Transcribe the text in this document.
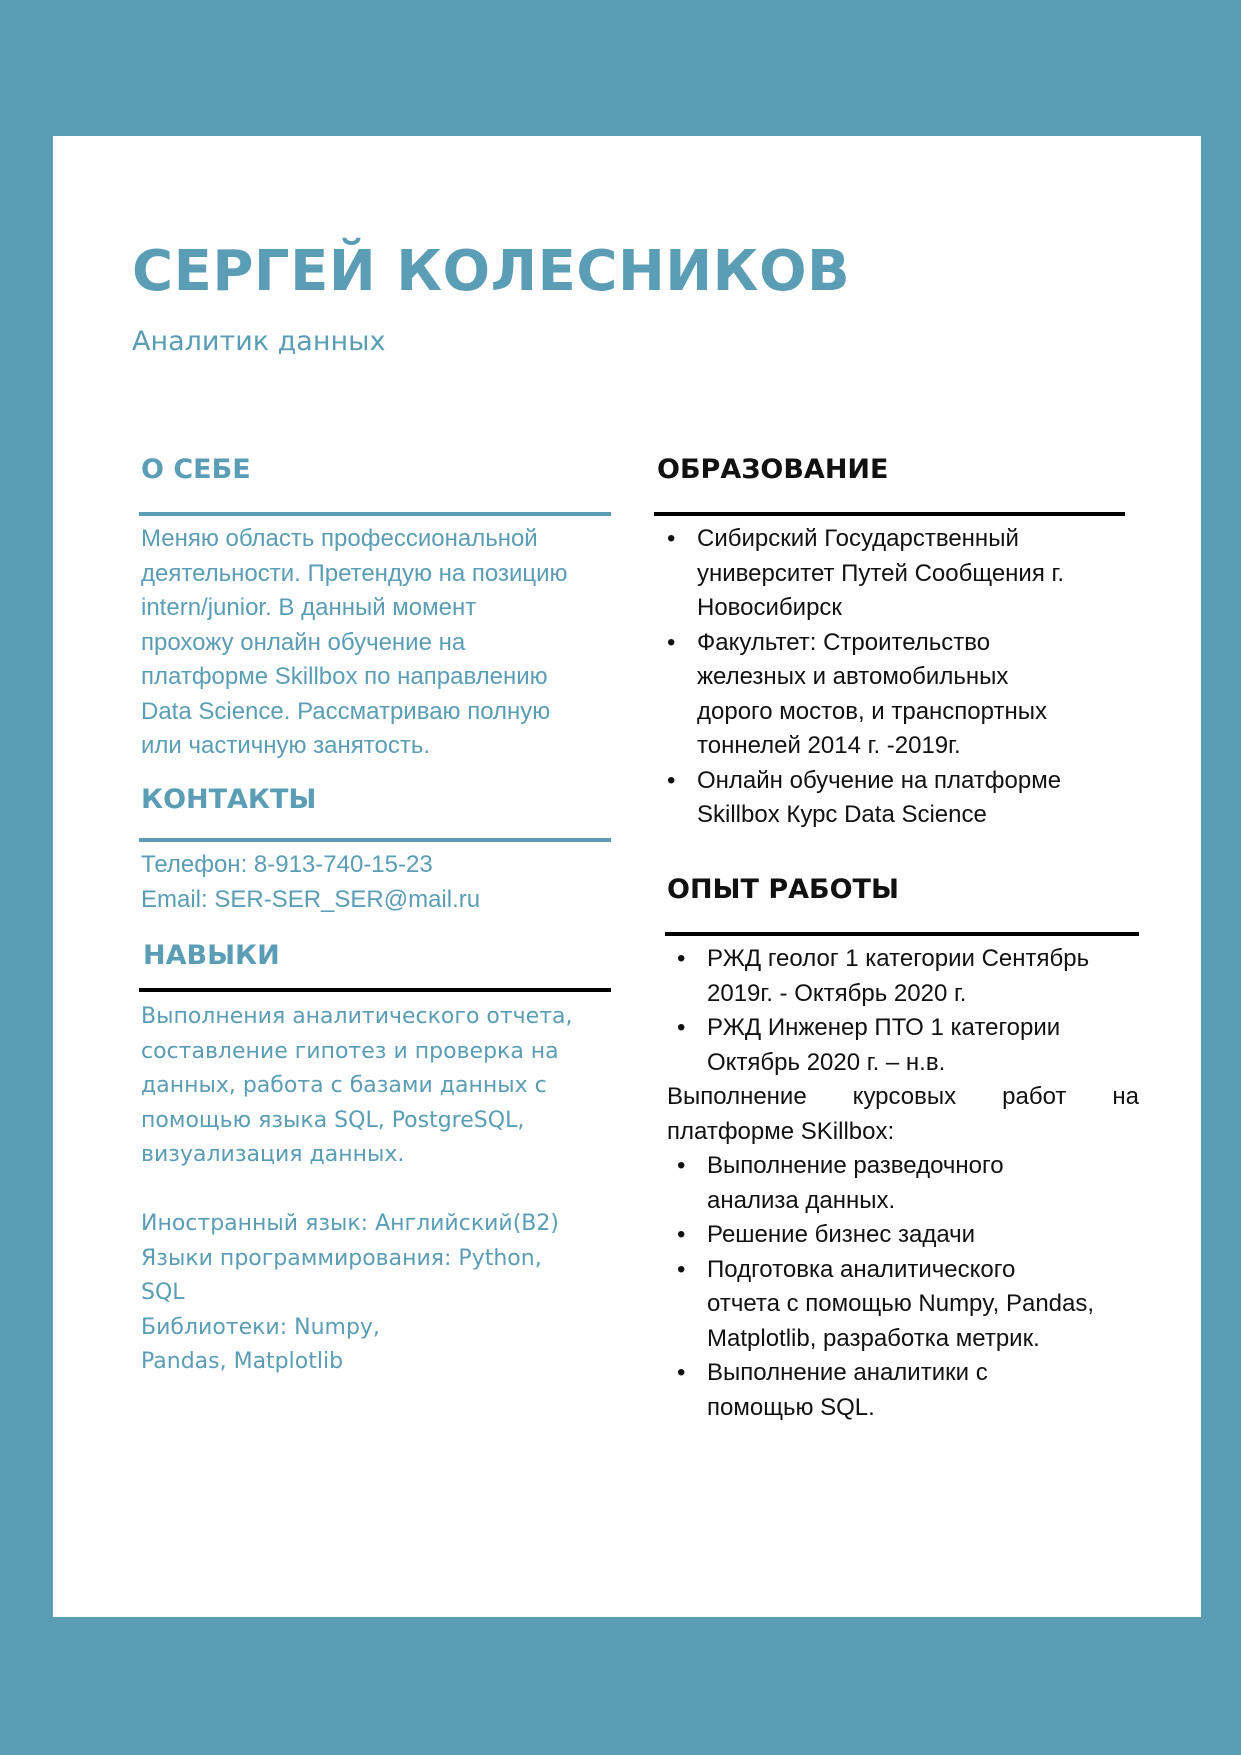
СЕРГЕЙ КОЛЕСНИКОВ
Аналитик данных
О СЕБЕ
Меняю область профессиональной
деятельности. Претендую на позицию
intern/junior. В данный момент
прохожу онлайн обучение на
платформе Skillbox по направлению
Data Science. Рассматриваю полную
или частичную занятость.
КОНТАКТЫ
Телефон: 8-913-740-15-23
Email: SER-SER_SER@mail.ru
НАВЫКИ
Выполнения аналитического отчета,
составление гипотез и проверка на
данных, работа с базами данных с
помощью языка SQL, PostgreSQL,
визуализация данных.
Иностранный язык: Английский(B2)
Языки программирования: Python,
SQL
Библиотеки: Numpy,
Pandas, Matplotlib
ОБРАЗОВАНИЕ
• Сибирский Государственный
университет Путей Сообщения г.
Новосибирск
• Факультет: Строительство
железных и автомобильных
дорого мостов, и транспортных
тоннелей 2014 г. -2019г.
• Онлайн обучение на платформе
Skillbox Курс Data Science
ОПЫТ РАБОТЫ
• РЖД геолог 1 категории Сентябрь
2019г. - Октябрь 2020 г.
• РЖД Инженер ПТО 1 категории
Октябрь 2020 г. – н.в.
Выполнение курсовых работ на
платформе SKillbox:
• Выполнение разведочного
анализа данных.
• Решение бизнес задачи
• Подготовка аналитического
отчета с помощью Numpy, Pandas,
Matplotlib, разработка метрик.
• Выполнение аналитики с
помощью SQL.
